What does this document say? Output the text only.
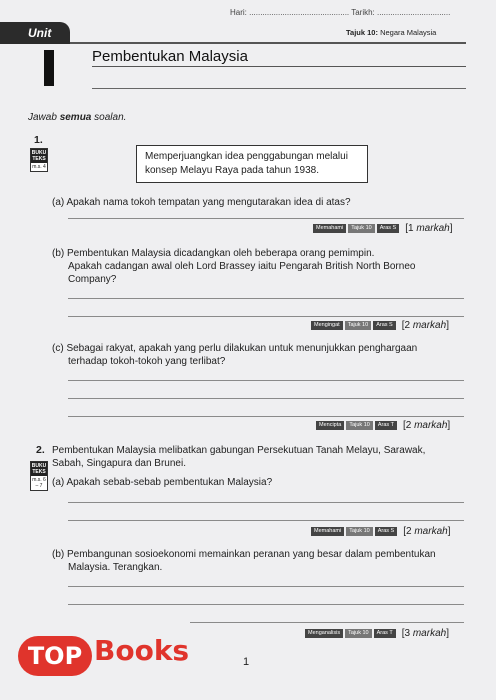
Hari: ............................................. Tarikh: .................................
Unit	Tajuk 10: Negara Malaysia
Pembentukan Malaysia
Jawab semua soalan.
1.
BUKU
TEKS
m.s. 4
Memperjuangkan idea penggabungan melalui konsep Melayu Raya pada tahun 1938.
(a) Apakah nama tokoh tempatan yang mengutarakan idea di atas?
Memahami	Tajuk 10	Aras S [1 markah]
(b) Pembentukan Malaysia dicadangkan oleh beberapa orang pemimpin.
Apakah cadangan awal oleh Lord Brassey iaitu Pengarah British North Borneo
Company?
Mengingat	Tajuk 10	Aras S [2 markah]
(c) Sebagai rakyat, apakah yang perlu dilakukan untuk menunjukkan penghargaan
terhadap tokoh-tokoh yang terlibat?
Mencipta	Tajuk 10	Aras T [2 markah]
2. Pembentukan Malaysia melibatkan gabungan Persekutuan Tanah Melayu, Sarawak,
Sabah, Singapura dan Brunei.
BUKU
TEKS
m.s. 6 – 7 (a) Apakah sebab-sebab pembentukan Malaysia?
Memahami	Tajuk 10	Aras S [2 markah]
(b) Pembangunan sosioekonomi memainkan peranan yang besar dalam pembentukan
Malaysia. Terangkan.
Menganalisis	Tajuk 10	Aras T [3 markah]
1
TOP Books
